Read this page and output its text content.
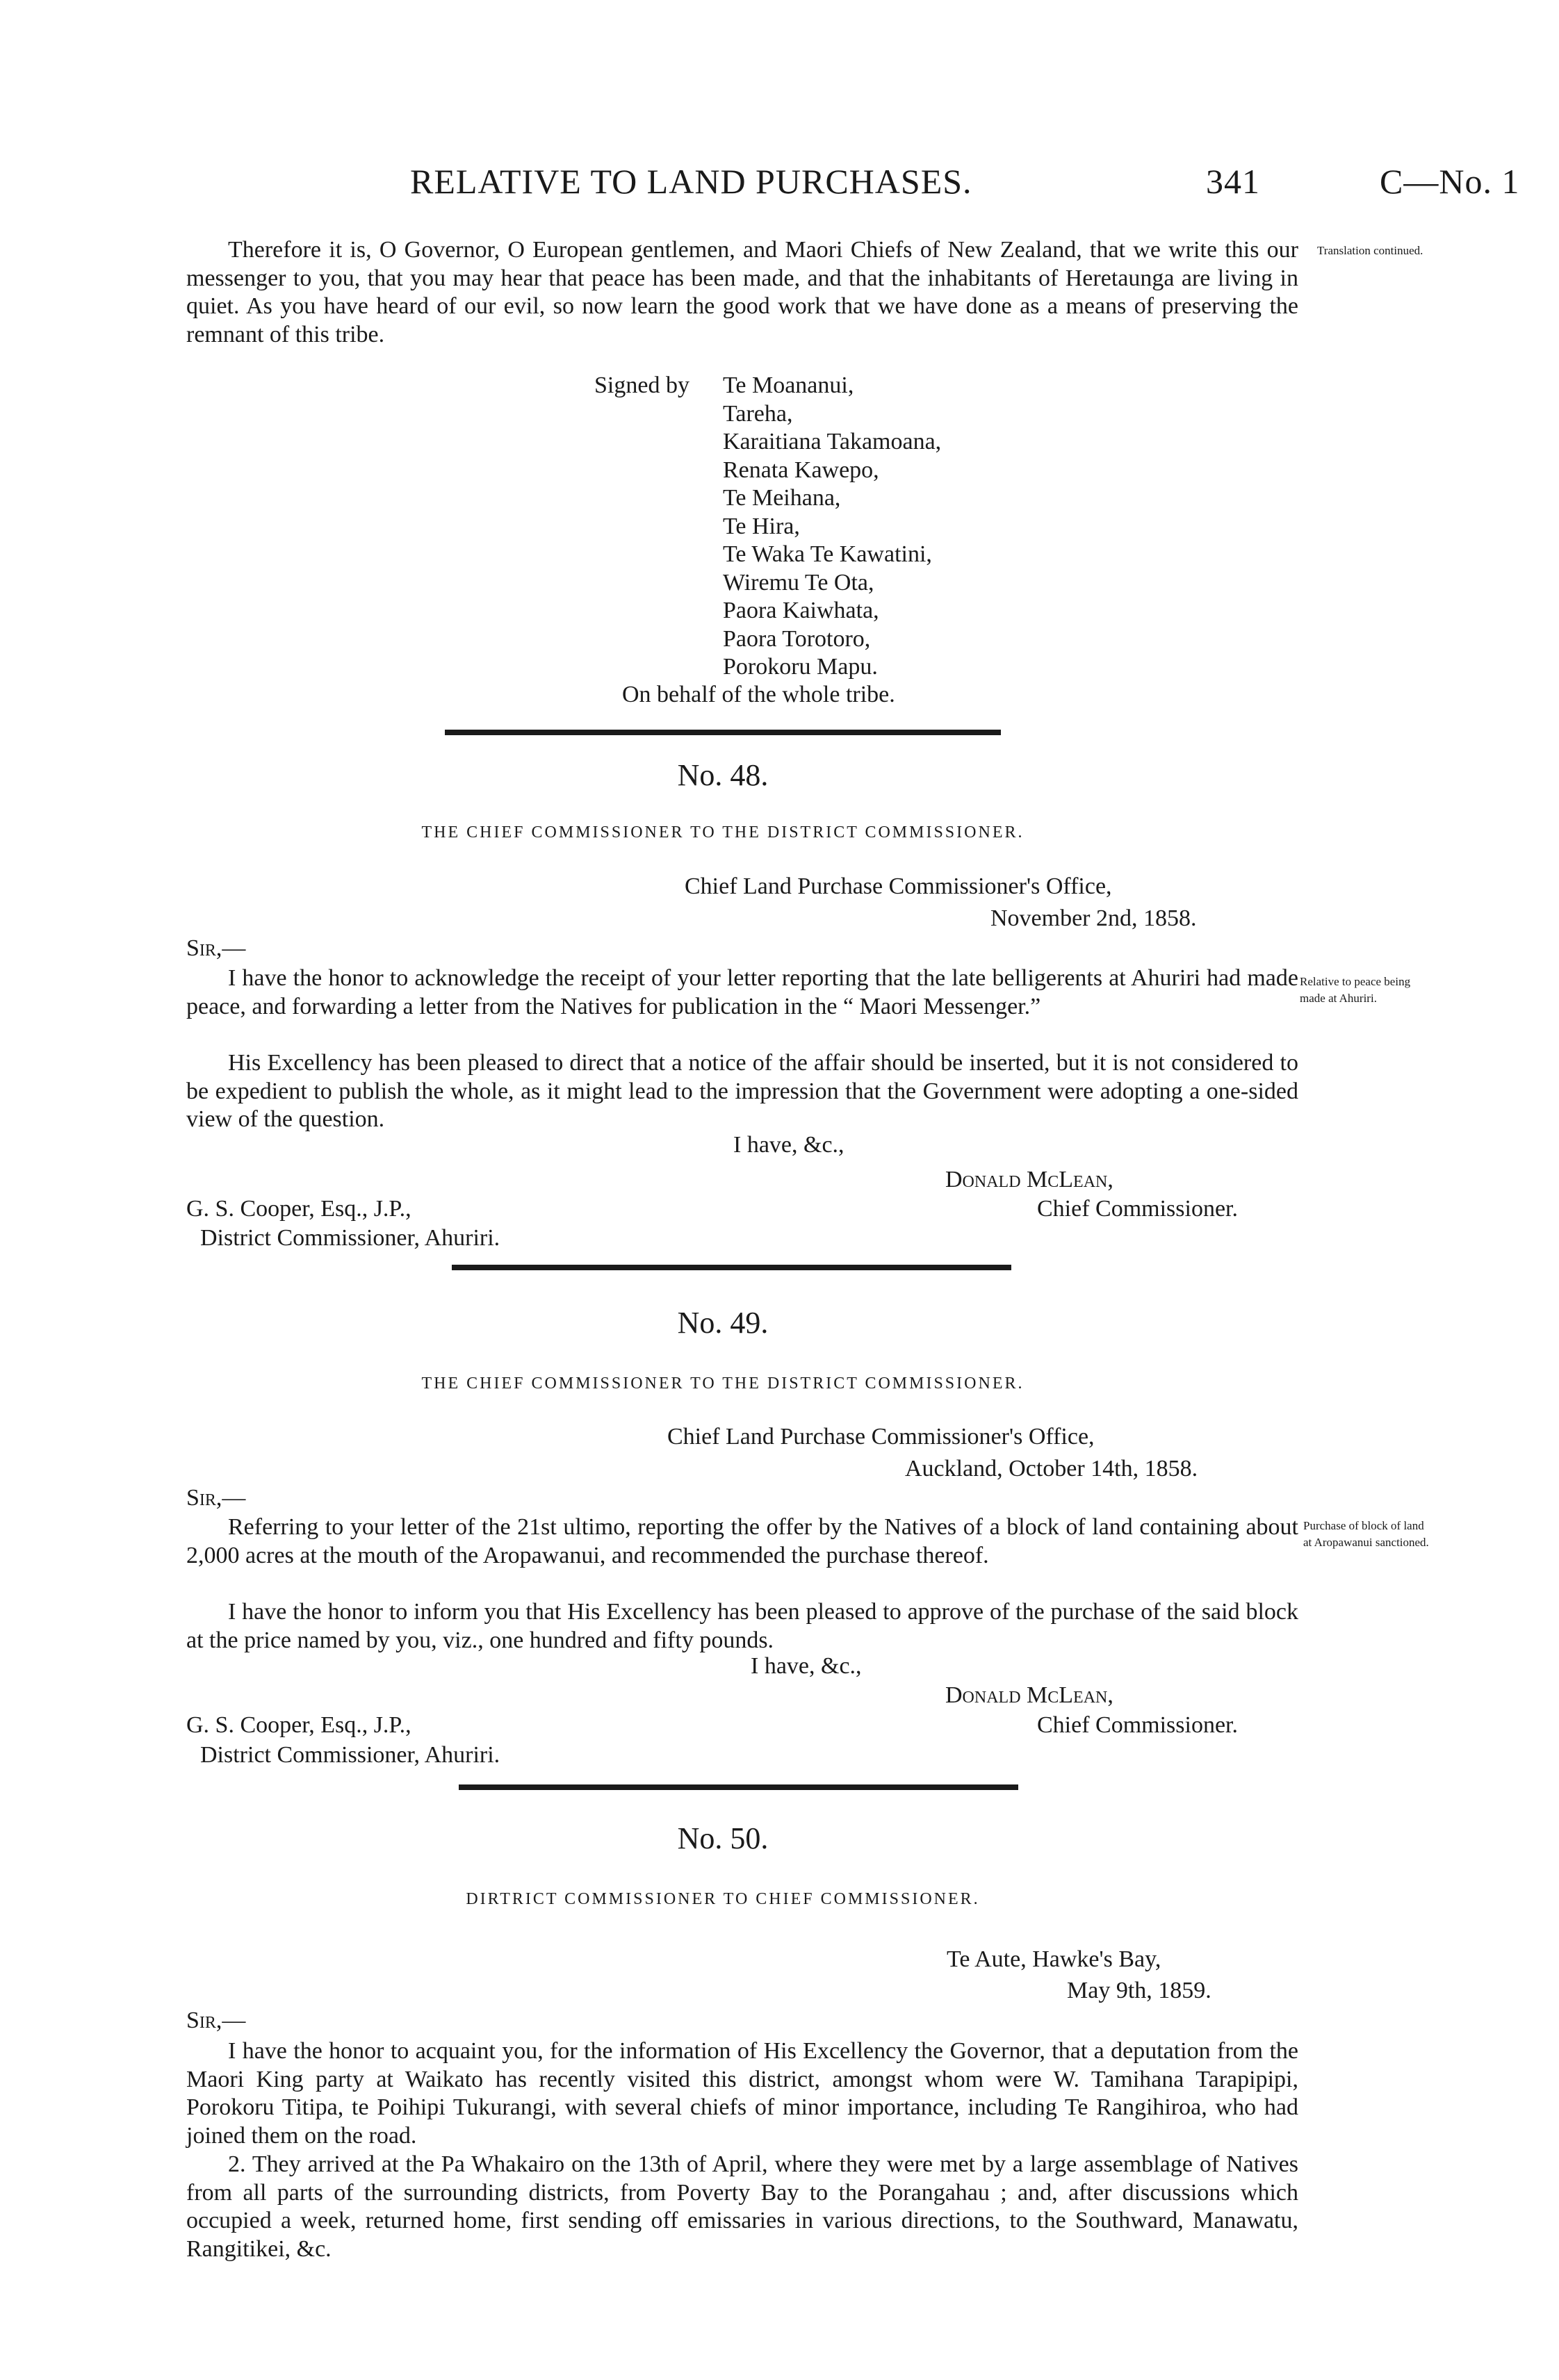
RELATIVE TO LAND PURCHASES.	341	C—No. 1

Therefore it is, O Governor, O European gentlemen, and Maori Chiefs of New Zealand, that we write this our messenger to you, that you may hear that peace has been made, and that the inhabitants of Heretaunga are living in quiet. As you have heard of our evil, so now learn the good work that we have done as a means of preserving the remnant of this tribe.

Translation continued.
Signed by Te Moananui,
Tareha,
Karaitiana Takamoana,
Renata Kawepo,
Te Meihana,
Te Hira,
Te Waka Te Kawatini,
Wiremu Te Ota,
Paora Kaiwhata,
Paora Torotoro,
Porokoru Mapu.
On behalf of the whole tribe.
No. 48.
THE CHIEF COMMISSIONER TO THE DISTRICT COMMISSIONER.
Chief Land Purchase Commissioner's Office,
November 2nd, 1858.
Sir,—

I have the honor to acknowledge the receipt of your letter reporting that the late belligerents at Ahuriri had made peace, and forwarding a letter from the Natives for publication in the “ Maori Messenger.”

His Excellency has been pleased to direct that a notice of the affair should be inserted, but it is not considered to be expedient to publish the whole, as it might lead to the impression that the Government were adopting a one-sided view of the question.

Relative to peace being
made at Ahuriri.
I have, &c.,
Donald McLean,
G. S. Cooper, Esq., J.P.,	Chief Commissioner.
District Commissioner, Ahuriri.
No. 49.
THE CHIEF COMMISSIONER TO THE DISTRICT COMMISSIONER.
Chief Land Purchase Commissioner's Office,
Auckland, October 14th, 1858.
Sir,—

Referring to your letter of the 21st ultimo, reporting the offer by the Natives of a block of land containing about 2,000 acres at the mouth of the Aropawanui, and recommended the purchase thereof.

I have the honor to inform you that His Excellency has been pleased to approve of the purchase of the said block at the price named by you, viz., one hundred and fifty pounds.

Purchase of block of land
at Aropawanui sanctioned.
I have, &c.,
Donald McLean,
G. S. Cooper, Esq., J.P.,	Chief Commissioner.
District Commissioner, Ahuriri.
No. 50.
DIRTRICT COMMISSIONER TO CHIEF COMMISSIONER.
Te Aute, Hawke's Bay,
May 9th, 1859.
Sir,—

I have the honor to acquaint you, for the information of His Excellency the Governor, that a deputation from the Maori King party at Waikato has recently visited this district, amongst whom were W. Tamihana Tarapipipi, Porokoru Titipa, te Poihipi Tukurangi, with several chiefs of minor importance, including Te Rangihiroa, who had joined them on the road.

2. They arrived at the Pa Whakairo on the 13th of April, where they were met by a large assemblage of Natives from all parts of the surrounding districts, from Poverty Bay to the Porangahau ; and, after discussions which occupied a week, returned home, first sending off emissaries in various directions, to the Southward, Manawatu, Rangitikei, &c.
